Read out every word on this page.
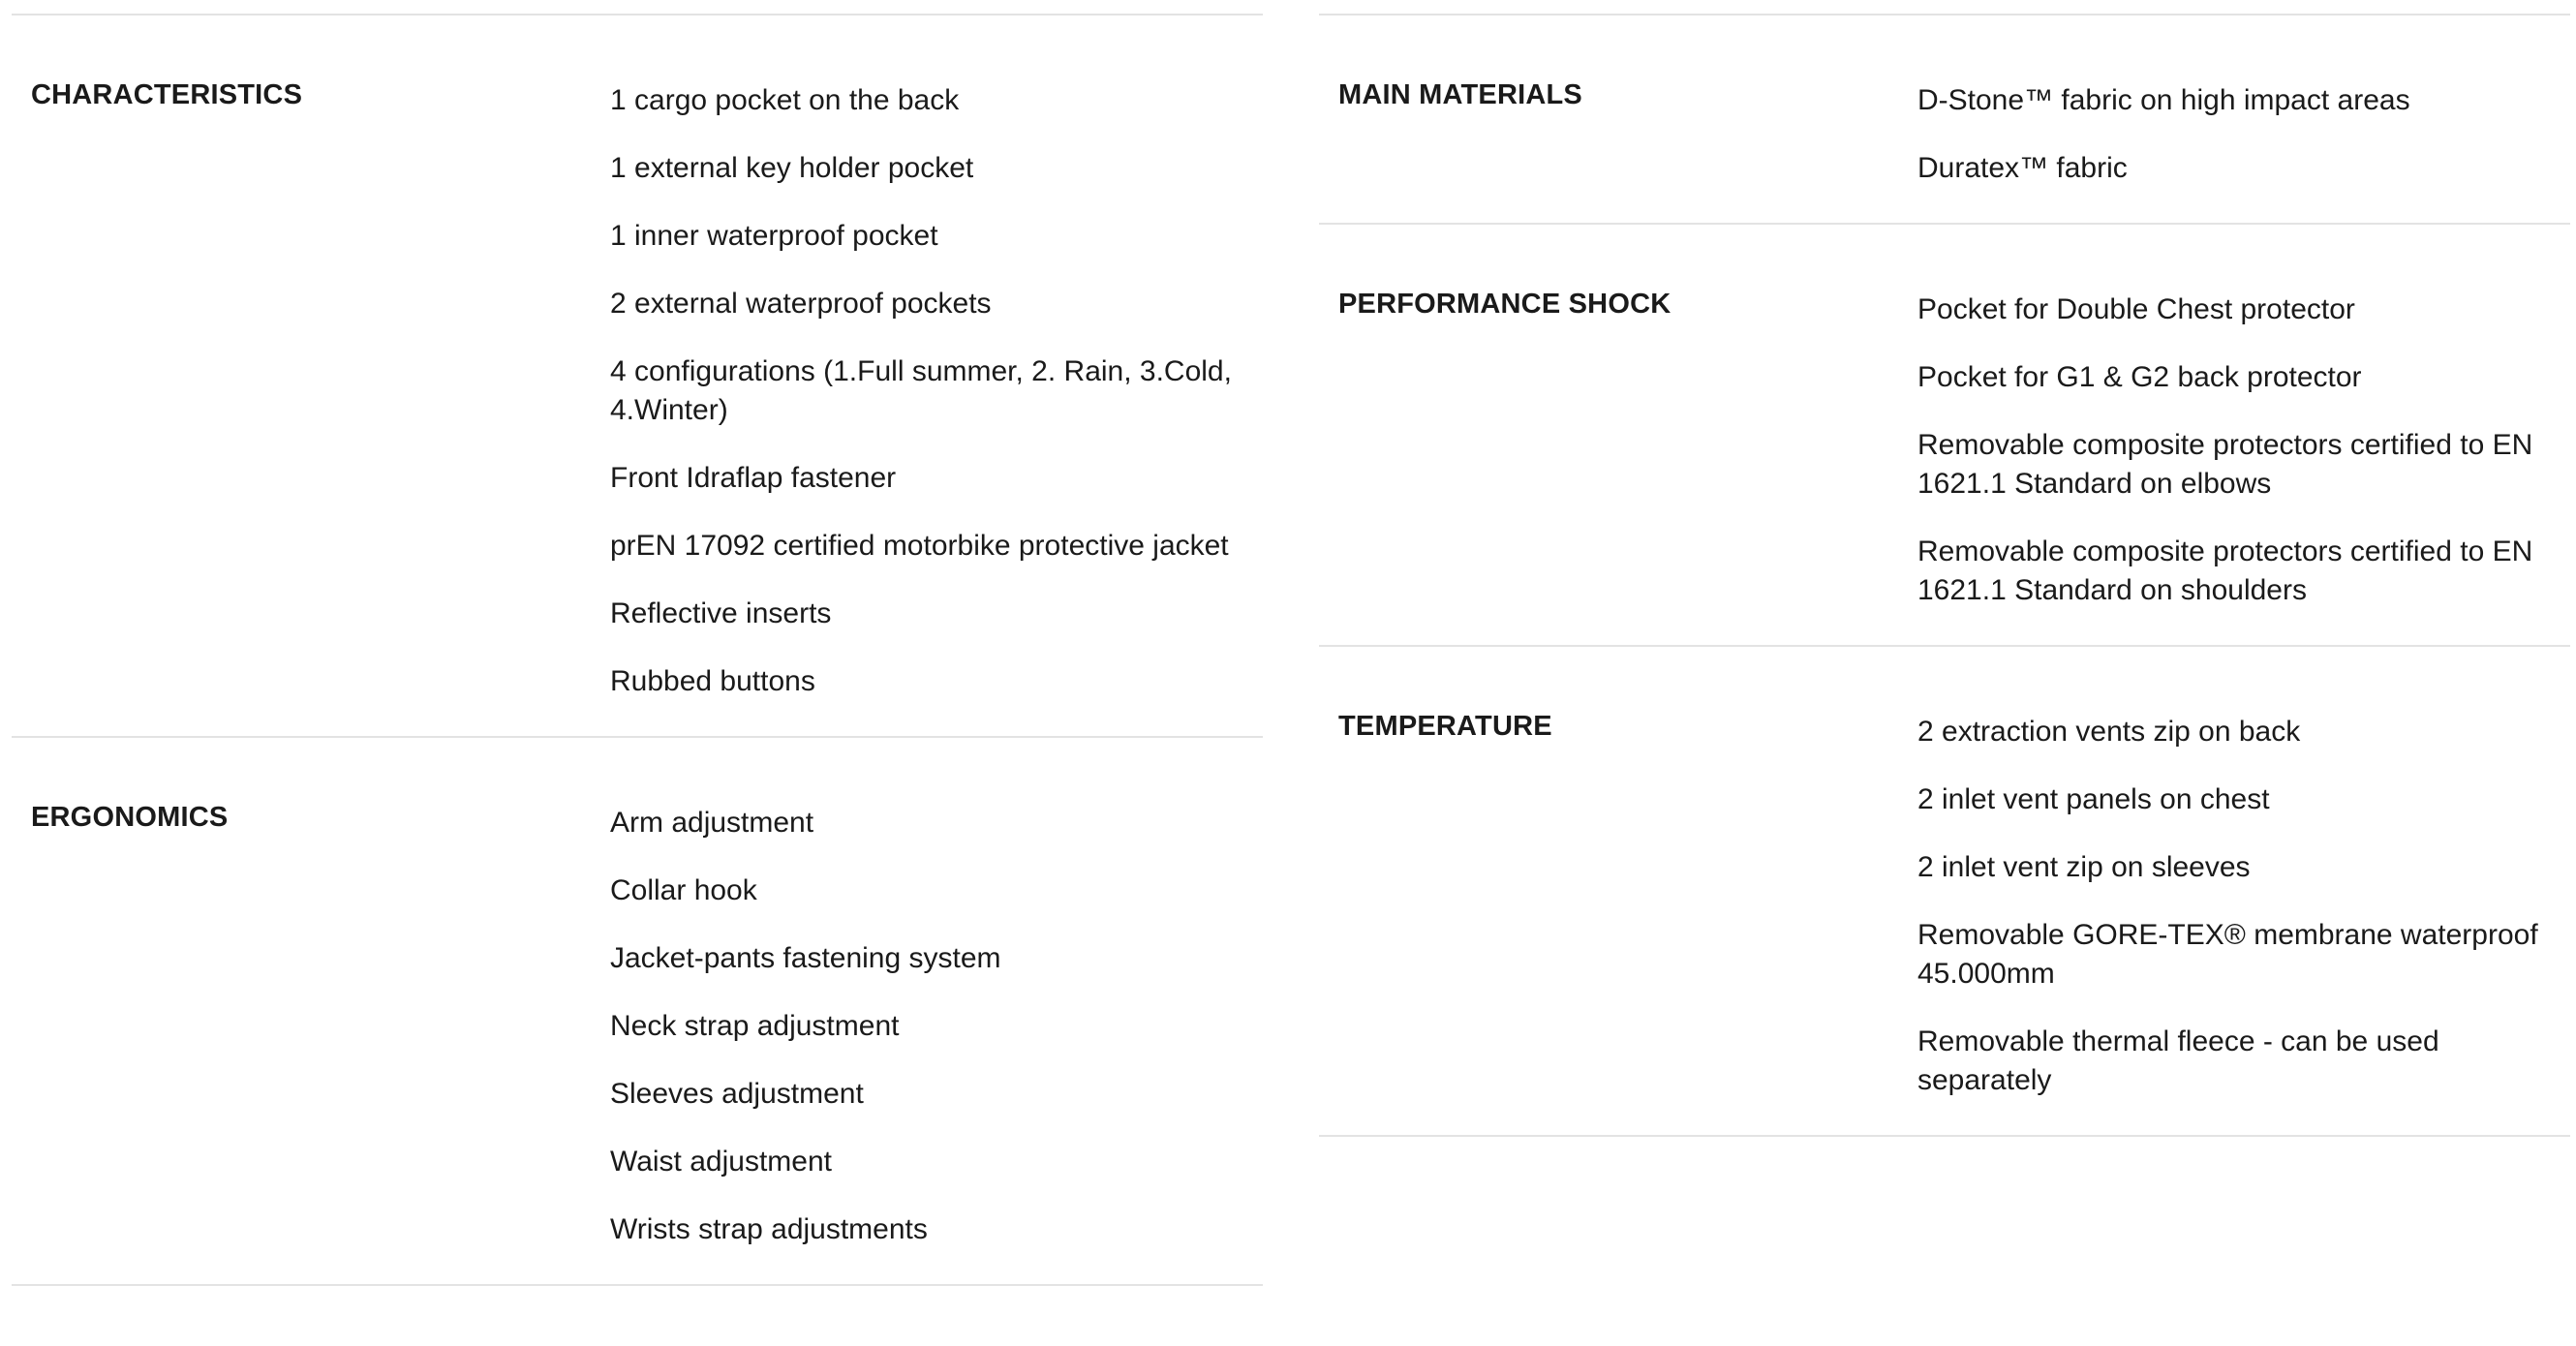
CHARACTERISTICS	1 cargo pocket on the back
1 external key holder pocket
1 inner waterproof pocket
2 external waterproof pockets
4 configurations (1.Full summer, 2. Rain, 3.Cold, 4.Winter)
Front Idraflap fastener
prEN 17092 certified motorbike protective jacket
Reflective inserts
Rubbed buttons
ERGONOMICS	Arm adjustment
Collar hook
Jacket-pants fastening system
Neck strap adjustment
Sleeves adjustment
Waist adjustment
Wrists strap adjustments
MAIN MATERIALS	D-Stone™ fabric on high impact areas
Duratex™ fabric
PERFORMANCE SHOCK	Pocket for Double Chest protector
Pocket for G1 & G2 back protector
Removable composite protectors certified to EN 1621.1 Standard on elbows
Removable composite protectors certified to EN 1621.1 Standard on shoulders
TEMPERATURE	2 extraction vents zip on back
2 inlet vent panels on chest
2 inlet vent zip on sleeves
Removable GORE-TEX® membrane waterproof 45.000mm
Removable thermal fleece - can be used separately
